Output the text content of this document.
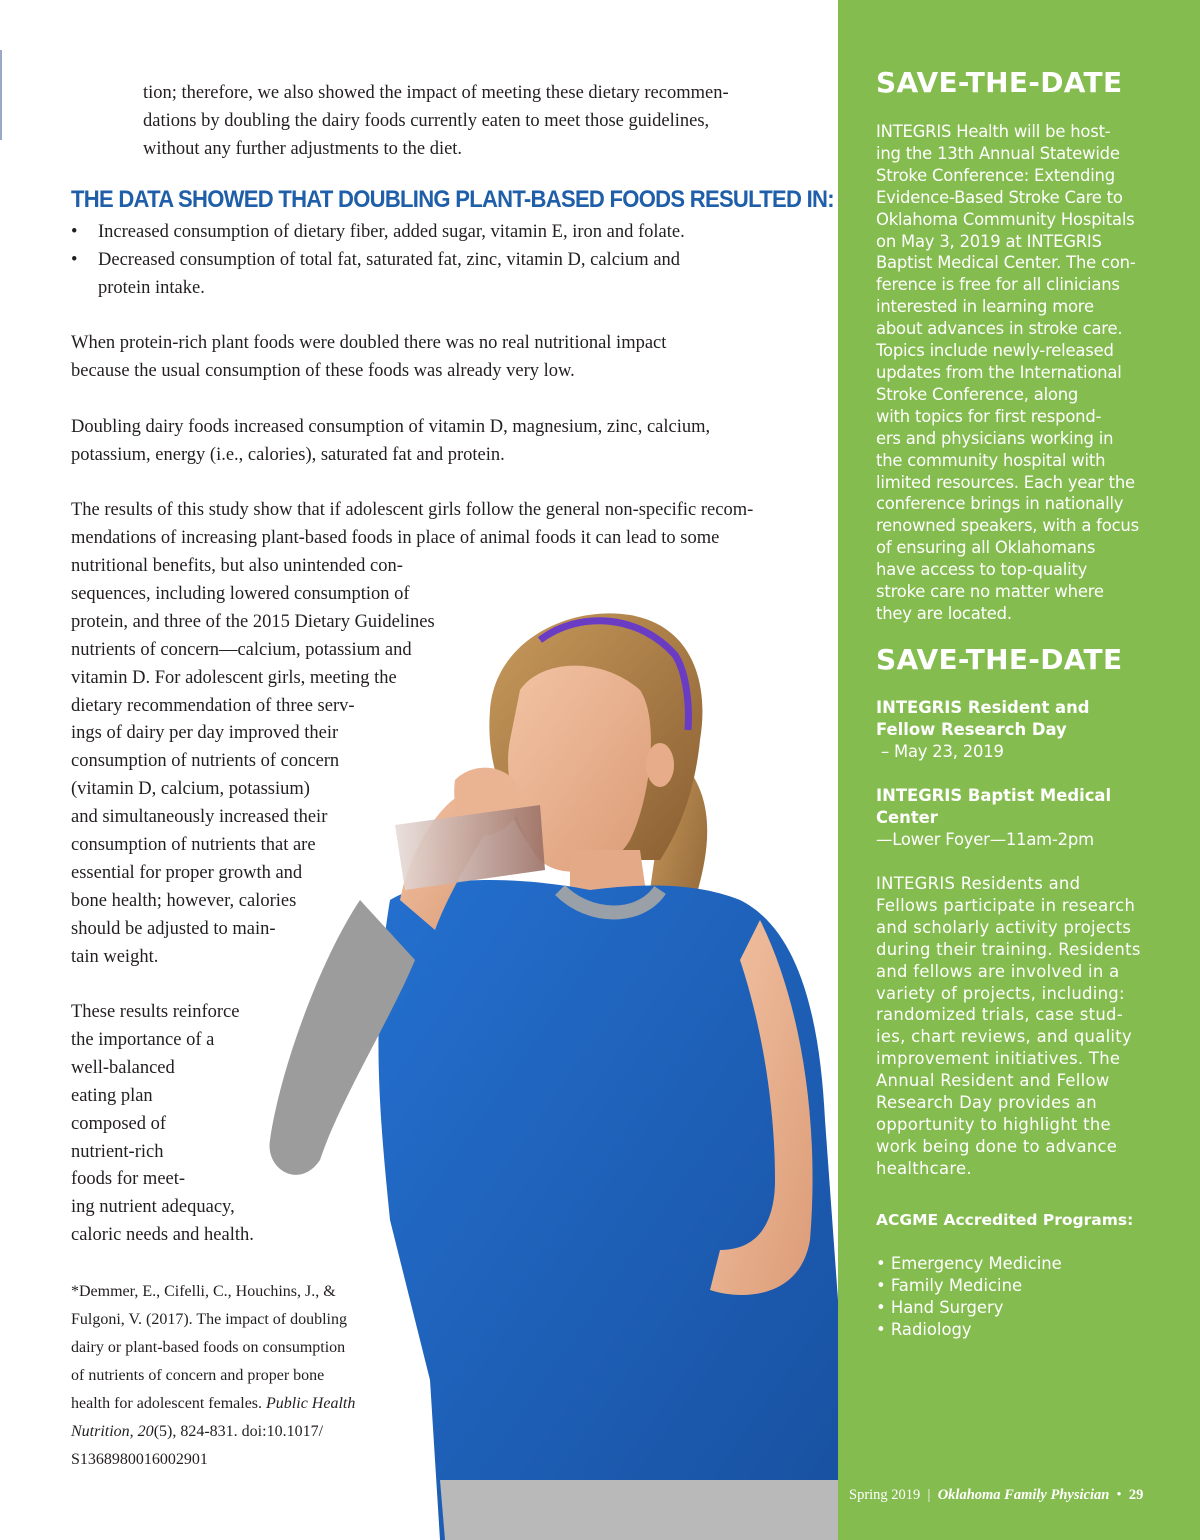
tion; therefore, we also showed the impact of meeting these dietary recommen-
dations by doubling the dairy foods currently eaten to meet those guidelines,
without any further adjustments to the diet.

THE DATA SHOWED THAT DOUBLING PLANT-BASED FOODS RESULTED IN:
• Increased consumption of dietary fiber, added sugar, vitamin E, iron and folate.
• Decreased consumption of total fat, saturated fat, zinc, vitamin D, calcium and
protein intake.

When protein-rich plant foods were doubled there was no real nutritional impact
because the usual consumption of these foods was already very low.

Doubling dairy foods increased consumption of vitamin D, magnesium, zinc, calcium,
potassium, energy (i.e., calories), saturated fat and protein.

The results of this study show that if adolescent girls follow the general non-specific recom-
mendations of increasing plant-based foods in place of animal foods it can lead to some

nutritional benefits, but also unintended con-
sequences, including lowered consumption of
protein, and three of the 2015 Dietary Guidelines
nutrients of concern—calcium, potassium and
vitamin D. For adolescent girls, meeting the
dietary recommendation of three serv-
ings of dairy per day improved their
consumption of nutrients of concern
(vitamin D, calcium, potassium)
and simultaneously increased their
consumption of nutrients that are
essential for proper growth and
bone health; however, calories
should be adjusted to main-
tain weight.

These results reinforce
the importance of a
well-balanced
eating plan
composed of
nutrient-rich
foods for meet-
ing nutrient adequacy,
caloric needs and health.

*Demmer, E., Cifelli, C., Houchins, J., &
Fulgoni, V. (2017). The impact of doubling
dairy or plant-based foods on consumption
of nutrients of concern and proper bone
health for adolescent females. Public Health
Nutrition, 20(5), 824-831. doi:10.1017/
S1368980016002901

SAVE-THE-DATE

INTEGRIS Health will be host-
ing the 13th Annual Statewide
Stroke Conference: Extending
Evidence-Based Stroke Care to
Oklahoma Community Hospitals
on May 3, 2019 at INTEGRIS
Baptist Medical Center. The con-
ference is free for all clinicians
interested in learning more
about advances in stroke care.
Topics include newly-released
updates from the International
Stroke Conference, along
with topics for first respond-
ers and physicians working in
the community hospital with
limited resources. Each year the
conference brings in nationally
renowned speakers, with a focus
of ensuring all Oklahomans
have access to top-quality
stroke care no matter where
they are located.

SAVE-THE-DATE

INTEGRIS Resident and
Fellow Research Day
– May 23, 2019

INTEGRIS Baptist Medical
Center
—Lower Foyer—11am-2pm

INTEGRIS Residents and
Fellows participate in research
and scholarly activity projects
during their training. Residents
and fellows are involved in a
variety of projects, including:
randomized trials, case stud-
ies, chart reviews, and quality
improvement initiatives. The
Annual Resident and Fellow
Research Day provides an
opportunity to highlight the
work being done to advance
healthcare.

ACGME Accredited Programs:
• Emergency Medicine
• Family Medicine
• Hand Surgery
• Radiology

Spring 2019  |  Oklahoma Family Physician  •  29
